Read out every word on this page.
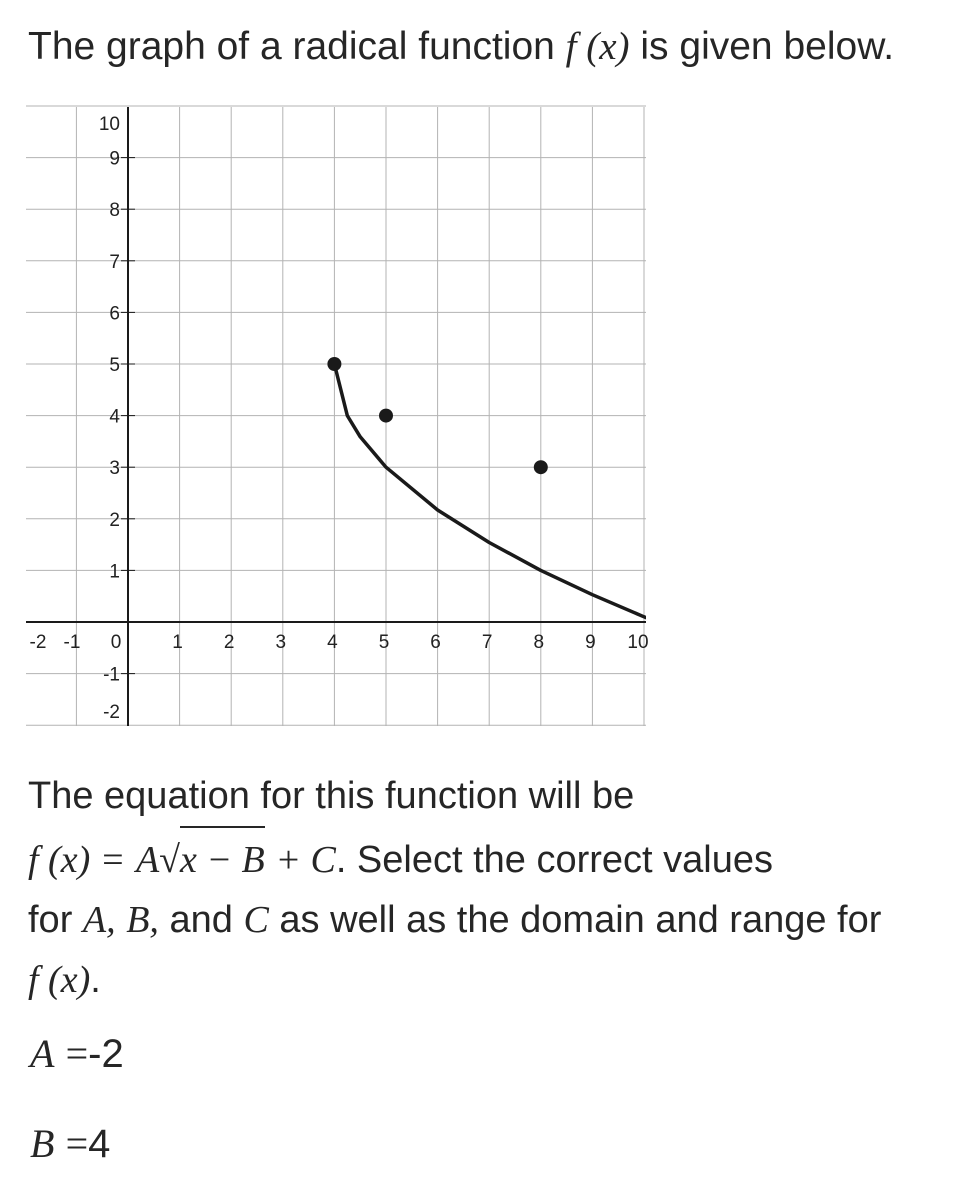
The graph of a radical function f (x) is given below.
-2 -1 0	1 2 3 4 5 6 7 8 9 10
10
9
8
7
6
5
4
3
2
1
-1
-2
The equation for this function will be
f (x) = A√x − B + C. Select the correct values
for A, B, and C as well as the domain and range for
f (x).
A =-2
B =4
